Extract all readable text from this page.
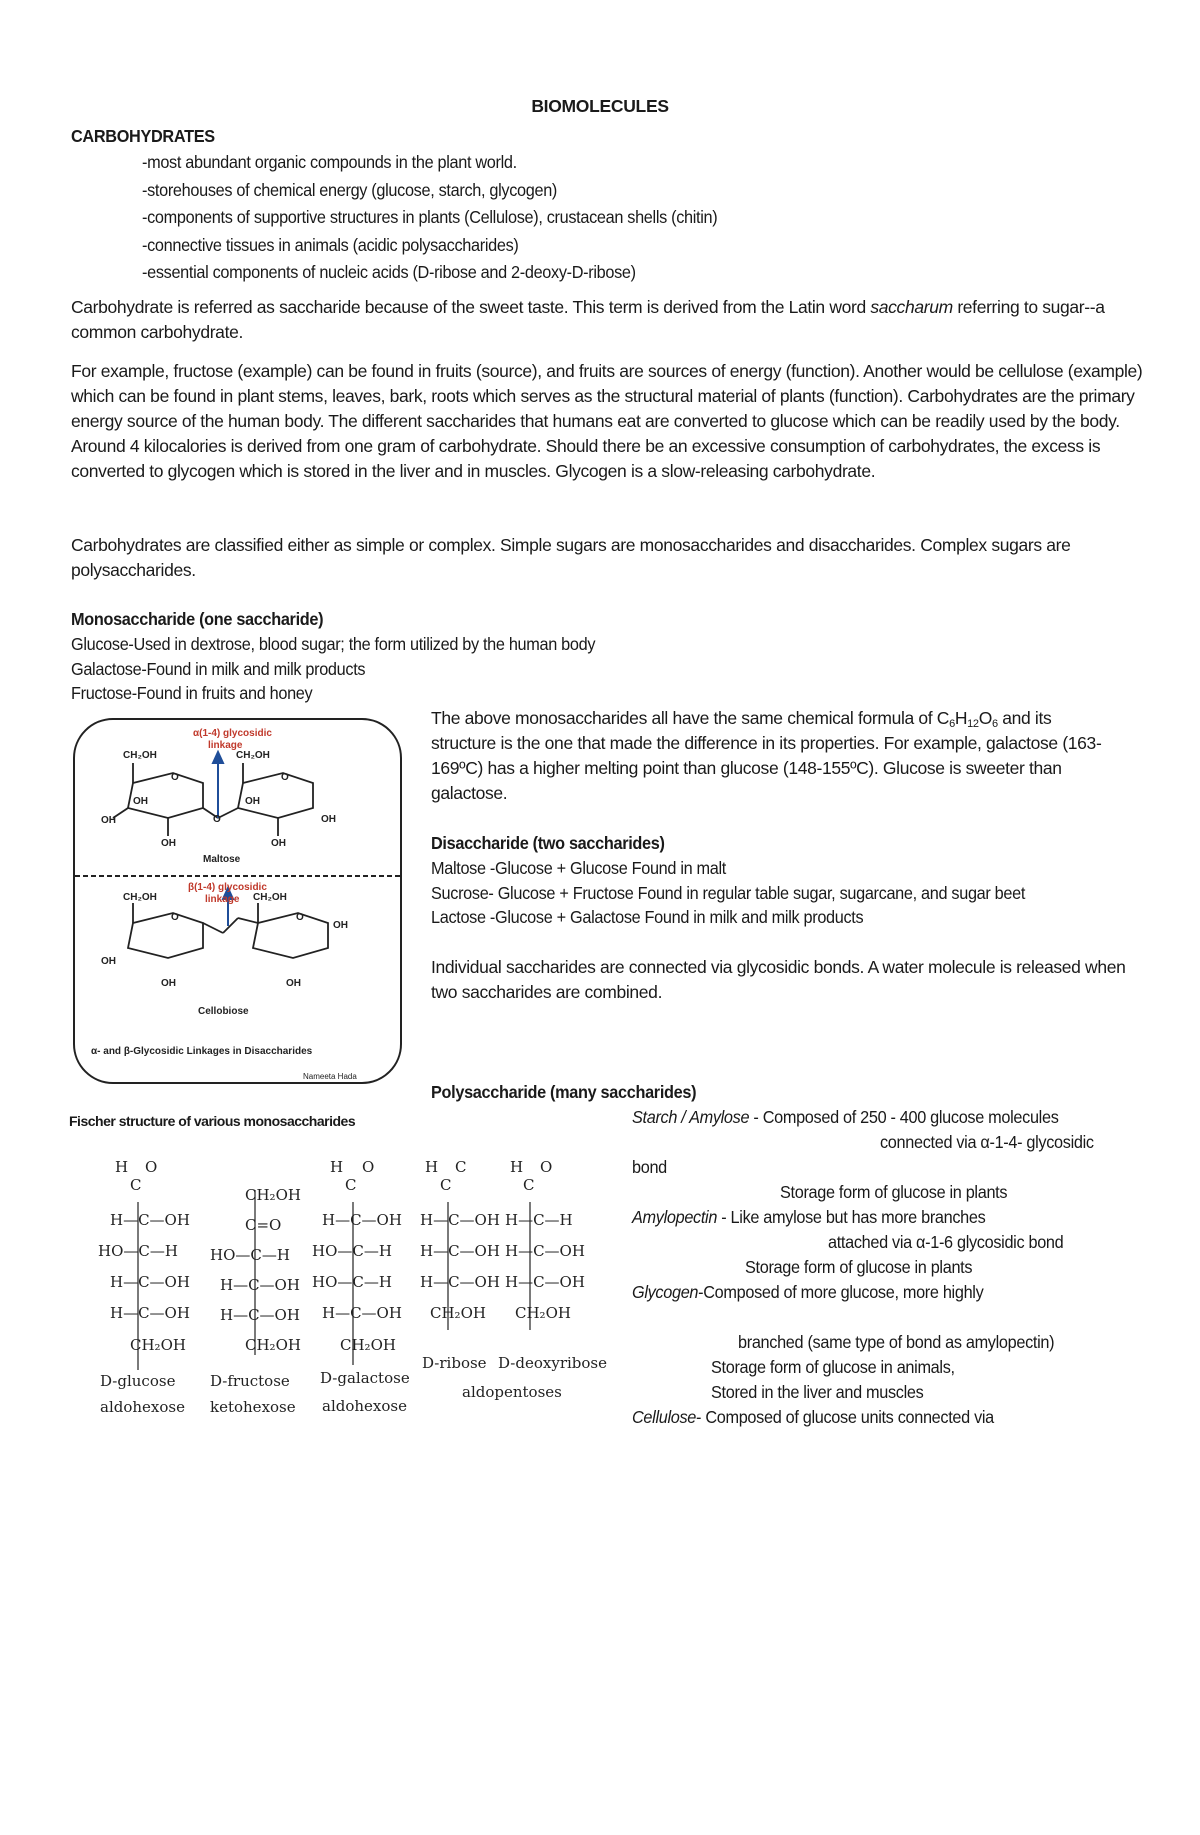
BIOMOLECULES
CARBOHYDRATES
-most abundant organic compounds in the plant world.
-storehouses of chemical energy (glucose, starch, glycogen)
-components of supportive structures in plants (Cellulose), crustacean shells (chitin)
-connective tissues in animals (acidic polysaccharides)
-essential components of nucleic acids (D-ribose and 2-deoxy-D-ribose)
Carbohydrate is referred as saccharide because of the sweet taste. This term is derived from the Latin word saccharum referring to sugar--a common carbohydrate.
For example, fructose (example) can be found in fruits (source), and fruits are sources of energy (function). Another would be cellulose (example) which can be found in plant stems, leaves, bark, roots which serves as the structural material of plants (function). Carbohydrates are the primary energy source of the human body. The different saccharides that humans eat are converted to glucose which can be readily used by the body. Around 4 kilocalories is derived from one gram of carbohydrate. Should there be an excessive consumption of carbohydrates, the excess is converted to glycogen which is stored in the liver and in muscles. Glycogen is a slow-releasing carbohydrate.
Carbohydrates are classified either as simple or complex. Simple sugars are monosaccharides and disaccharides. Complex sugars are polysaccharides.
Monosaccharide (one saccharide)
Glucose-Used in dextrose, blood sugar; the form utilized by the human body
Galactose-Found in milk and milk products
Fructose-Found in fruits and honey
The above monosaccharides all have the same chemical formula of $C_6H_{12}O_6$ and its structure is the one that made the difference in its properties. For example, galactose (163-169ºC) has a higher melting point than glucose (148-155ºC). Glucose is sweeter than galactose.
Disaccharide (two saccharides)
Maltose -Glucose + Glucose Found in malt
Sucrose- Glucose + Fructose Found in regular table sugar, sugarcane, and sugar beet
Lactose -Glucose + Galactose Found in milk and milk products
Individual saccharides are connected via glycosidic bonds. A water molecule is released when two saccharides are combined.
Polysaccharide (many saccharides)
Starch / Amylose - Composed of 250 - 400 glucose molecules
connected via α-1-4- glycosidic
bond
Storage form of glucose in plants
Amylopectin - Like amylose but has more branches
attached via α-1-6 glycosidic bond
Storage form of glucose in plants
Glycogen-Composed of more glucose, more highly
branched (same type of bond as amylopectin)
Storage form of glucose in animals,
Stored in the liver and muscles
Cellulose- Composed of glucose units connected via
α(1-4) glycosidic
linkage
CH₂OH	CH₂OH
O	O
O
OH
OH	OH
OH	OH
OH
Maltose
β(1-4) glycosidic
linkage
CH₂OH	CH₂OH
O	O
OH
OH
OH	OH
Cellobiose
α- and β-Glycosidic Linkages in Disaccharides
Nameeta Hada
Fischer structure of various monosaccharides
H O
C
H—C—OH
HO—C—H
H—C—OH
H—C—OH
CH₂OH
CH₂OH
C=O
HO—C—H
H—C—OH
H—C—OH
CH₂OH
H O
C
H—C—OH
HO—C—H
HO—C—H
H—C—OH
CH₂OH
H C
C
H—C—OH
H—C—OH
H—C—OH
CH₂OH
H O
C
H—C—H
H—C—OH
H—C—OH
CH₂OH
D-glucose
aldohexose
D-fructose
ketohexose
D-galactose
aldohexose
D-ribose D-deoxyribose
aldopentoses
